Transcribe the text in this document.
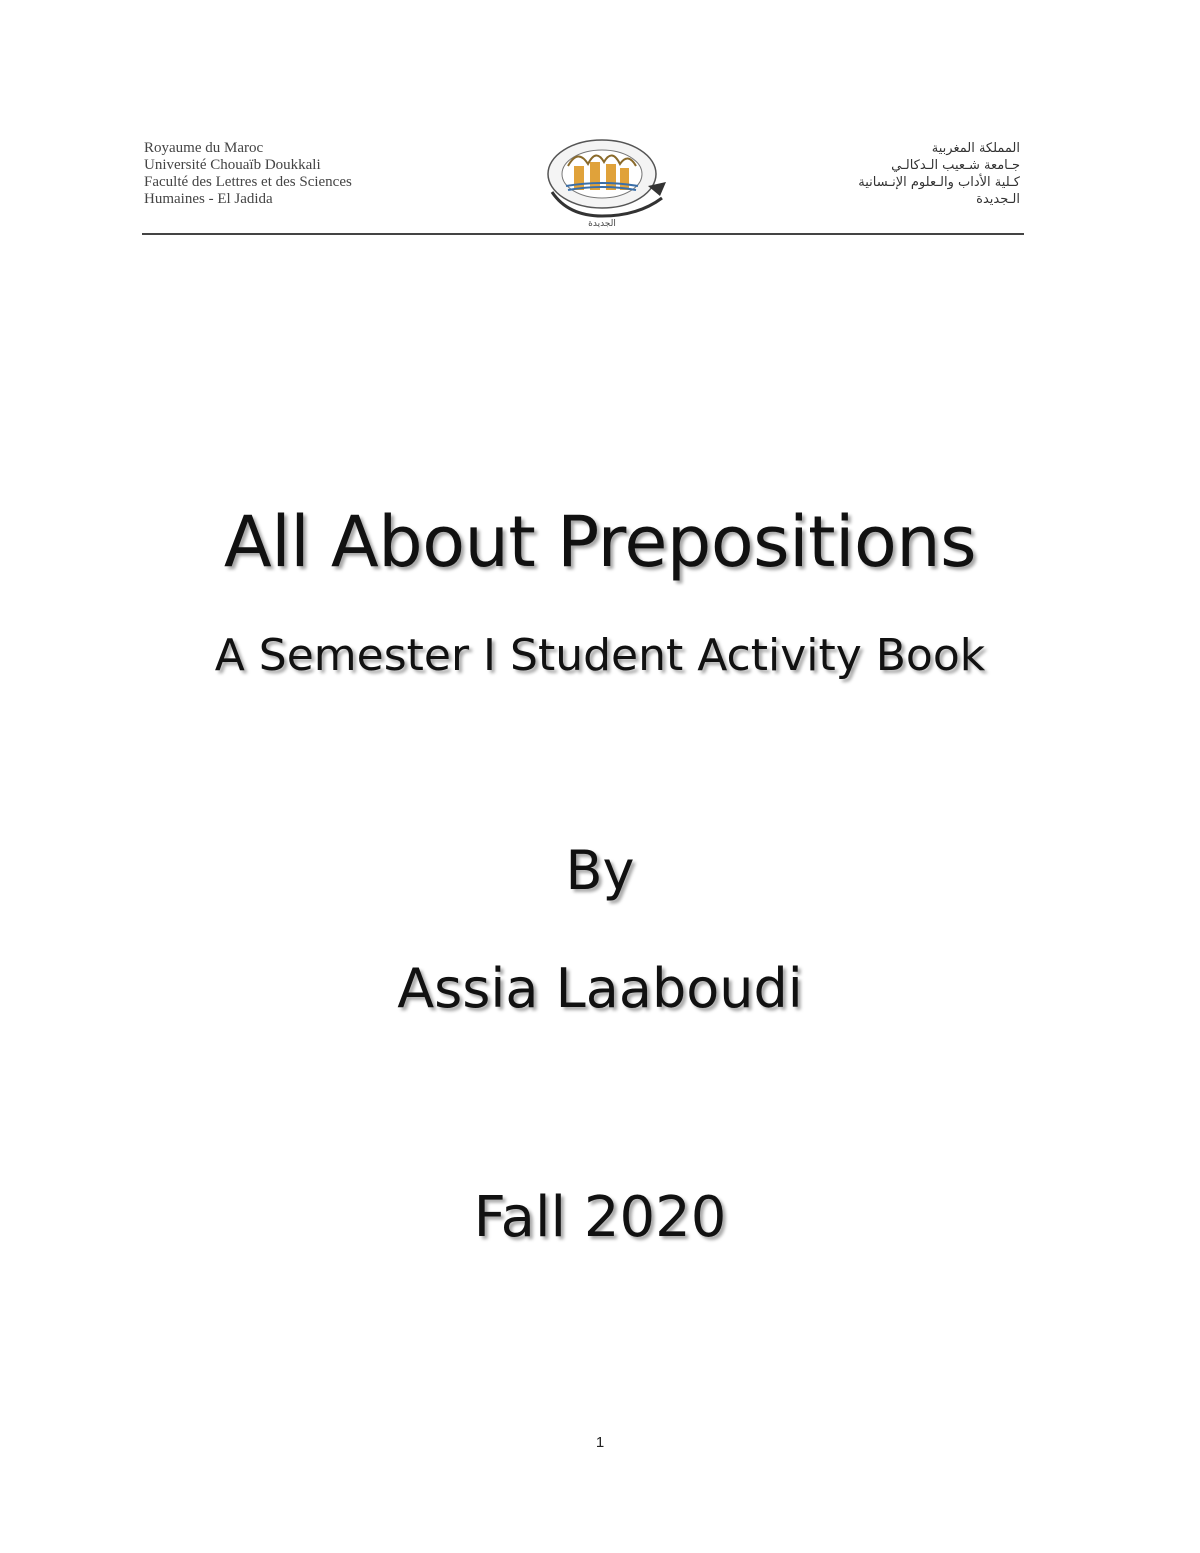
Royaume du Maroc
Université Chouaïb Doukkali
Faculté des Lettres et des Sciences
Humaines - El Jadida
الجديدة
المملكة المغربية
جـامعة شـعيب الـدكالـي
كـلية الأداب والـعلوم الإنـسانية
الـجديدة
All About Prepositions
A Semester I Student Activity Book
By
Assia Laaboudi
Fall 2020
1
